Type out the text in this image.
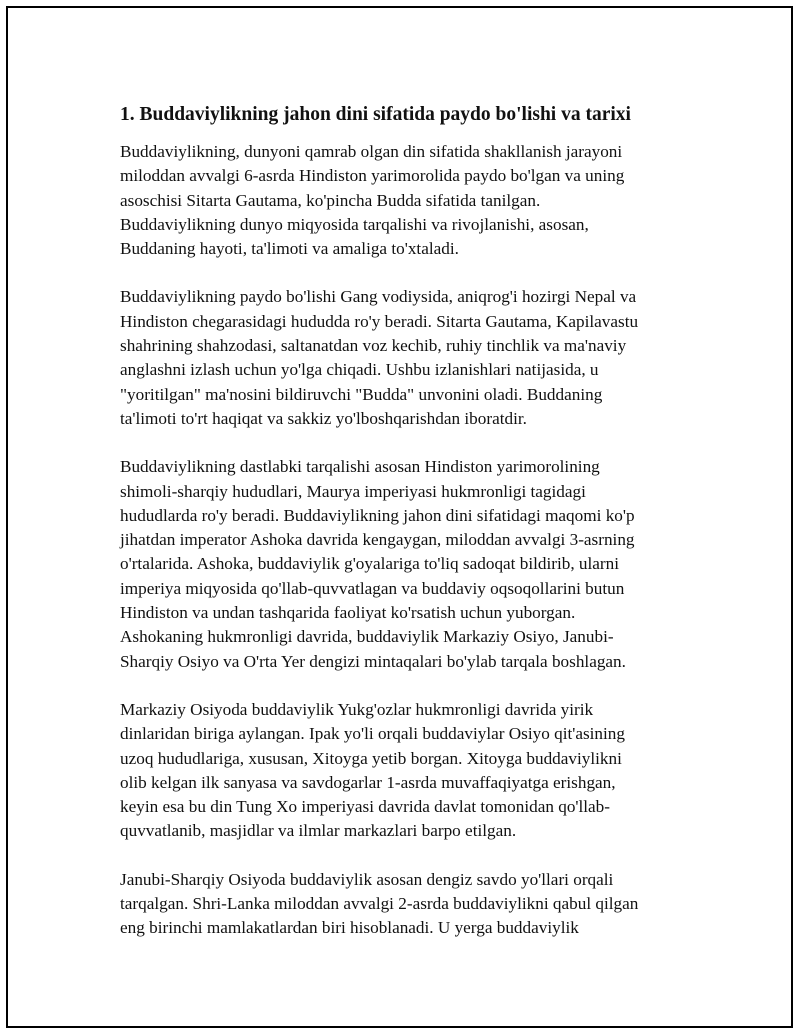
1. Buddaviylikning jahon dini sifatida paydo bo'lishi va tarixi

Buddaviylikning, dunyoni qamrab olgan din sifatida shakllanish jarayoni
miloddan avvalgi 6-asrda Hindiston yarimorolida paydo bo'lgan va uning
asoschisi Sitarta Gautama, ko'pincha Budda sifatida tanilgan.
Buddaviylikning dunyo miqyosida tarqalishi va rivojlanishi, asosan,
Buddaning hayoti, ta'limoti va amaliga to'xtaladi.

Buddaviylikning paydo bo'lishi Gang vodiysida, aniqrog'i hozirgi Nepal va
Hindiston chegarasidagi hududda ro'y beradi. Sitarta Gautama, Kapilavastu
shahrining shahzodasi, saltanatdan voz kechib, ruhiy tinchlik va ma'naviy
anglashni izlash uchun yo'lga chiqadi. Ushbu izlanishlari natijasida, u
"yoritilgan" ma'nosini bildiruvchi "Budda" unvonini oladi. Buddaning
ta'limoti to'rt haqiqat va sakkiz yo'lboshqarishdan iboratdir.

Buddaviylikning dastlabki tarqalishi asosan Hindiston yarimorolining
shimoli-sharqiy hududlari, Maurya imperiyasi hukmronligi tagidagi
hududlarda ro'y beradi. Buddaviylikning jahon dini sifatidagi maqomi ko'p
jihatdan imperator Ashoka davrida kengaygan, miloddan avvalgi 3-asrning
o'rtalarida. Ashoka, buddaviylik g'oyalariga to'liq sadoqat bildirib, ularni
imperiya miqyosida qo'llab-quvvatlagan va buddaviy oqsoqollarini butun
Hindiston va undan tashqarida faoliyat ko'rsatish uchun yuborgan.
Ashokaning hukmronligi davrida, buddaviylik Markaziy Osiyo, Janubi-
Sharqiy Osiyo va O'rta Yer dengizi mintaqalari bo'ylab tarqala boshlagan.

Markaziy Osiyoda buddaviylik Yukg'ozlar hukmronligi davrida yirik
dinlaridan biriga aylangan. Ipak yo'li orqali buddaviylar Osiyo qit'asining
uzoq hududlariga, xususan, Xitoyga yetib borgan. Xitoyga buddaviylikni
olib kelgan ilk sanyasa va savdogarlar 1-asrda muvaffaqiyatga erishgan,
keyin esa bu din Tung Xo imperiyasi davrida davlat tomonidan qo'llab-
quvvatlanib, masjidlar va ilmlar markazlari barpo etilgan.

Janubi-Sharqiy Osiyoda buddaviylik asosan dengiz savdo yo'llari orqali
tarqalgan. Shri-Lanka miloddan avvalgi 2-asrda buddaviylikni qabul qilgan
eng birinchi mamlakatlardan biri hisoblanadi. U yerga buddaviylik
